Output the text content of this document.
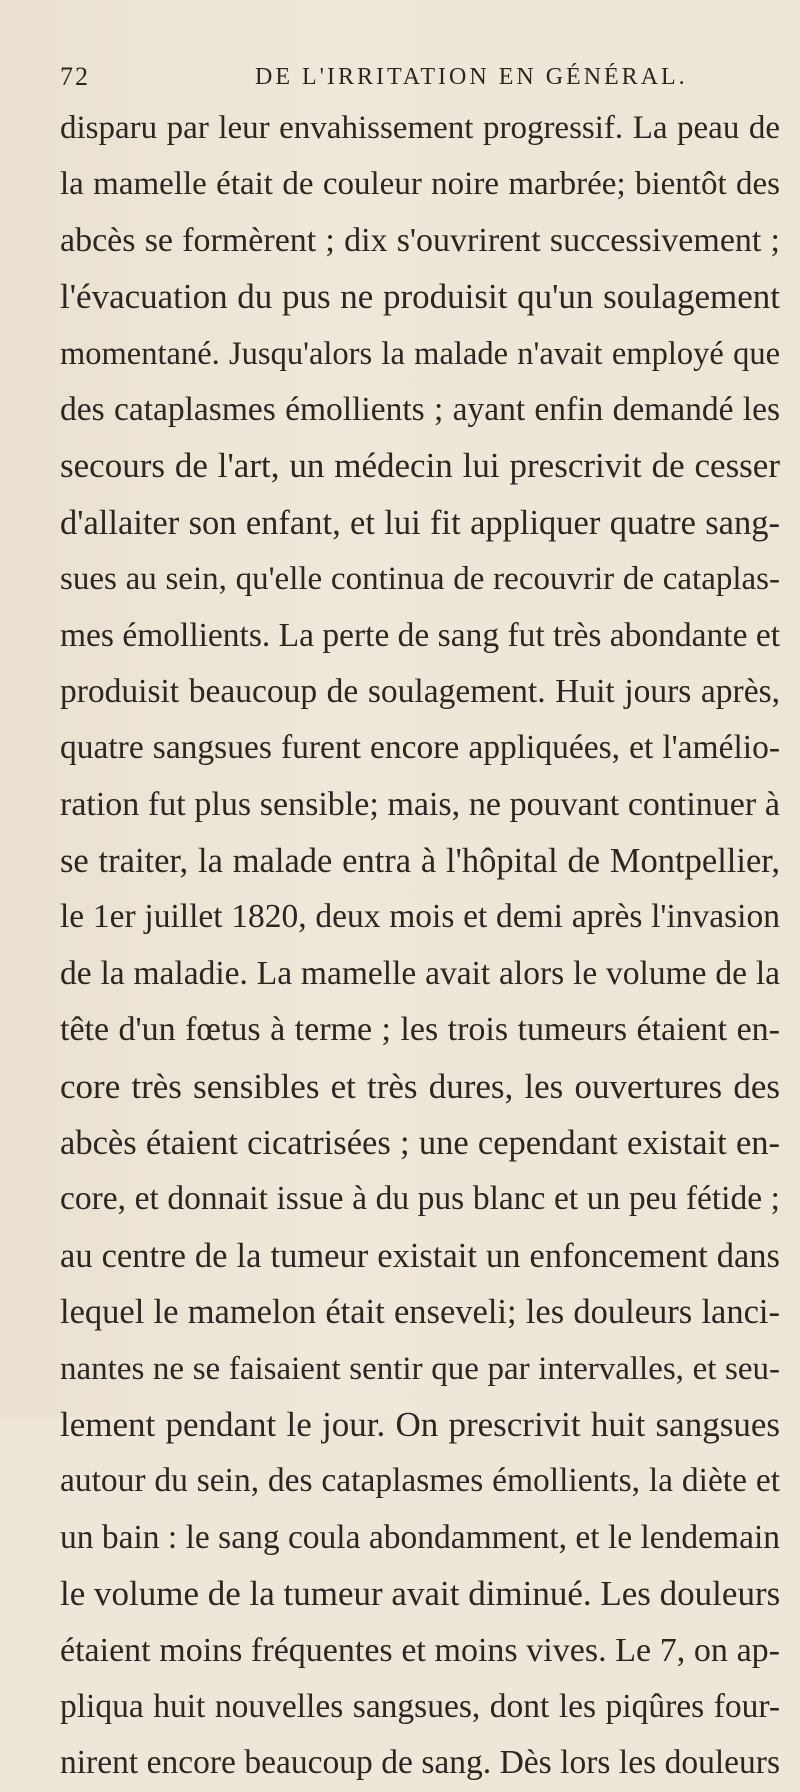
72	DE L'IRRITATION EN GÉNÉRAL.
disparu par leur envahissement progressif. La peau de
la mamelle était de couleur noire marbrée; bientôt des
abcès se formèrent ; dix s'ouvrirent successivement ;
l'évacuation du pus ne produisit qu'un soulagement
momentané. Jusqu'alors la malade n'avait employé que
des cataplasmes émollients ; ayant enfin demandé les
secours de l'art, un médecin lui prescrivit de cesser
d'allaiter son enfant, et lui fit appliquer quatre sang-
sues au sein, qu'elle continua de recouvrir de cataplas-
mes émollients. La perte de sang fut très abondante et
produisit beaucoup de soulagement. Huit jours après,
quatre sangsues furent encore appliquées, et l'amélio-
ration fut plus sensible; mais, ne pouvant continuer à
se traiter, la malade entra à l'hôpital de Montpellier,
le 1er juillet 1820, deux mois et demi après l'invasion
de la maladie. La mamelle avait alors le volume de la
tête d'un fœtus à terme ; les trois tumeurs étaient en-
core très sensibles et très dures, les ouvertures des
abcès étaient cicatrisées ; une cependant existait en-
core, et donnait issue à du pus blanc et un peu fétide ;
au centre de la tumeur existait un enfoncement dans
lequel le mamelon était enseveli; les douleurs lanci-
nantes ne se faisaient sentir que par intervalles, et seu-
lement pendant le jour. On prescrivit huit sangsues
autour du sein, des cataplasmes émollients, la diète et
un bain : le sang coula abondamment, et le lendemain
le volume de la tumeur avait diminué. Les douleurs
étaient moins fréquentes et moins vives. Le 7, on ap-
pliqua huit nouvelles sangsues, dont les piqûres four-
nirent encore beaucoup de sang. Dès lors les douleurs
